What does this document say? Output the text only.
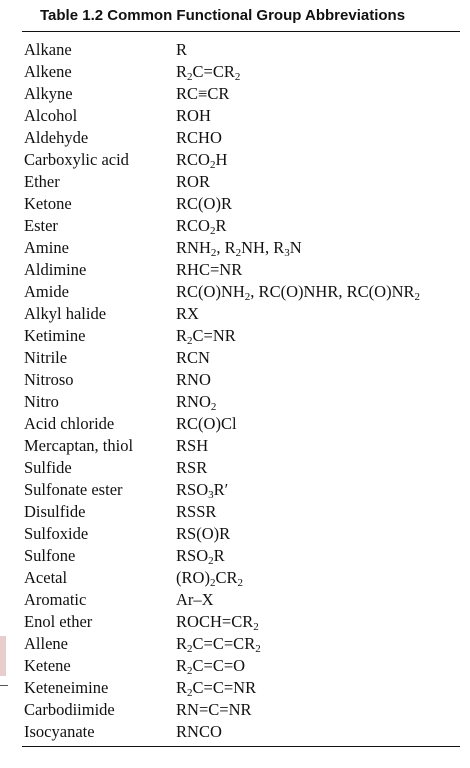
Table 1.2 Common Functional Group Abbreviations
Alkane	R
Alkene	$R_2C=CR_2$
Alkyne	RC≡CR
Alcohol	ROH
Aldehyde	RCHO
Carboxylic acid	$RCO_2H$
Ether	ROR
Ketone	RC(O)R
Ester	$RCO_2R$
Amine	$RNH_2$, $R_2NH$, $R_3N$
Aldimine	RHC=NR
Amide	$RC(O)NH_2$, RC(O)NHR, $RC(O)NR_2$
Alkyl halide	RX
Ketimine	$R_2C=NR$
Nitrile	RCN
Nitroso	RNO
Nitro	$RNO_2$
Acid chloride	RC(O)Cl
Mercaptan, thiol	RSH
Sulfide	RSR
Sulfonate ester	$RSO_3R'$
Disulfide	RSSR
Sulfoxide	RS(O)R
Sulfone	$RSO_2R$
Acetal	$(RO)_2CR_2$
Aromatic	Ar–X
Enol ether	$ROCH=CR_2$
Allene	$R_2C=C=CR_2$
Ketene	$R_2C=C=O$
Keteneimine	$R_2C=C=NR$
Carbodiimide	RN=C=NR
Isocyanate	RNCO
